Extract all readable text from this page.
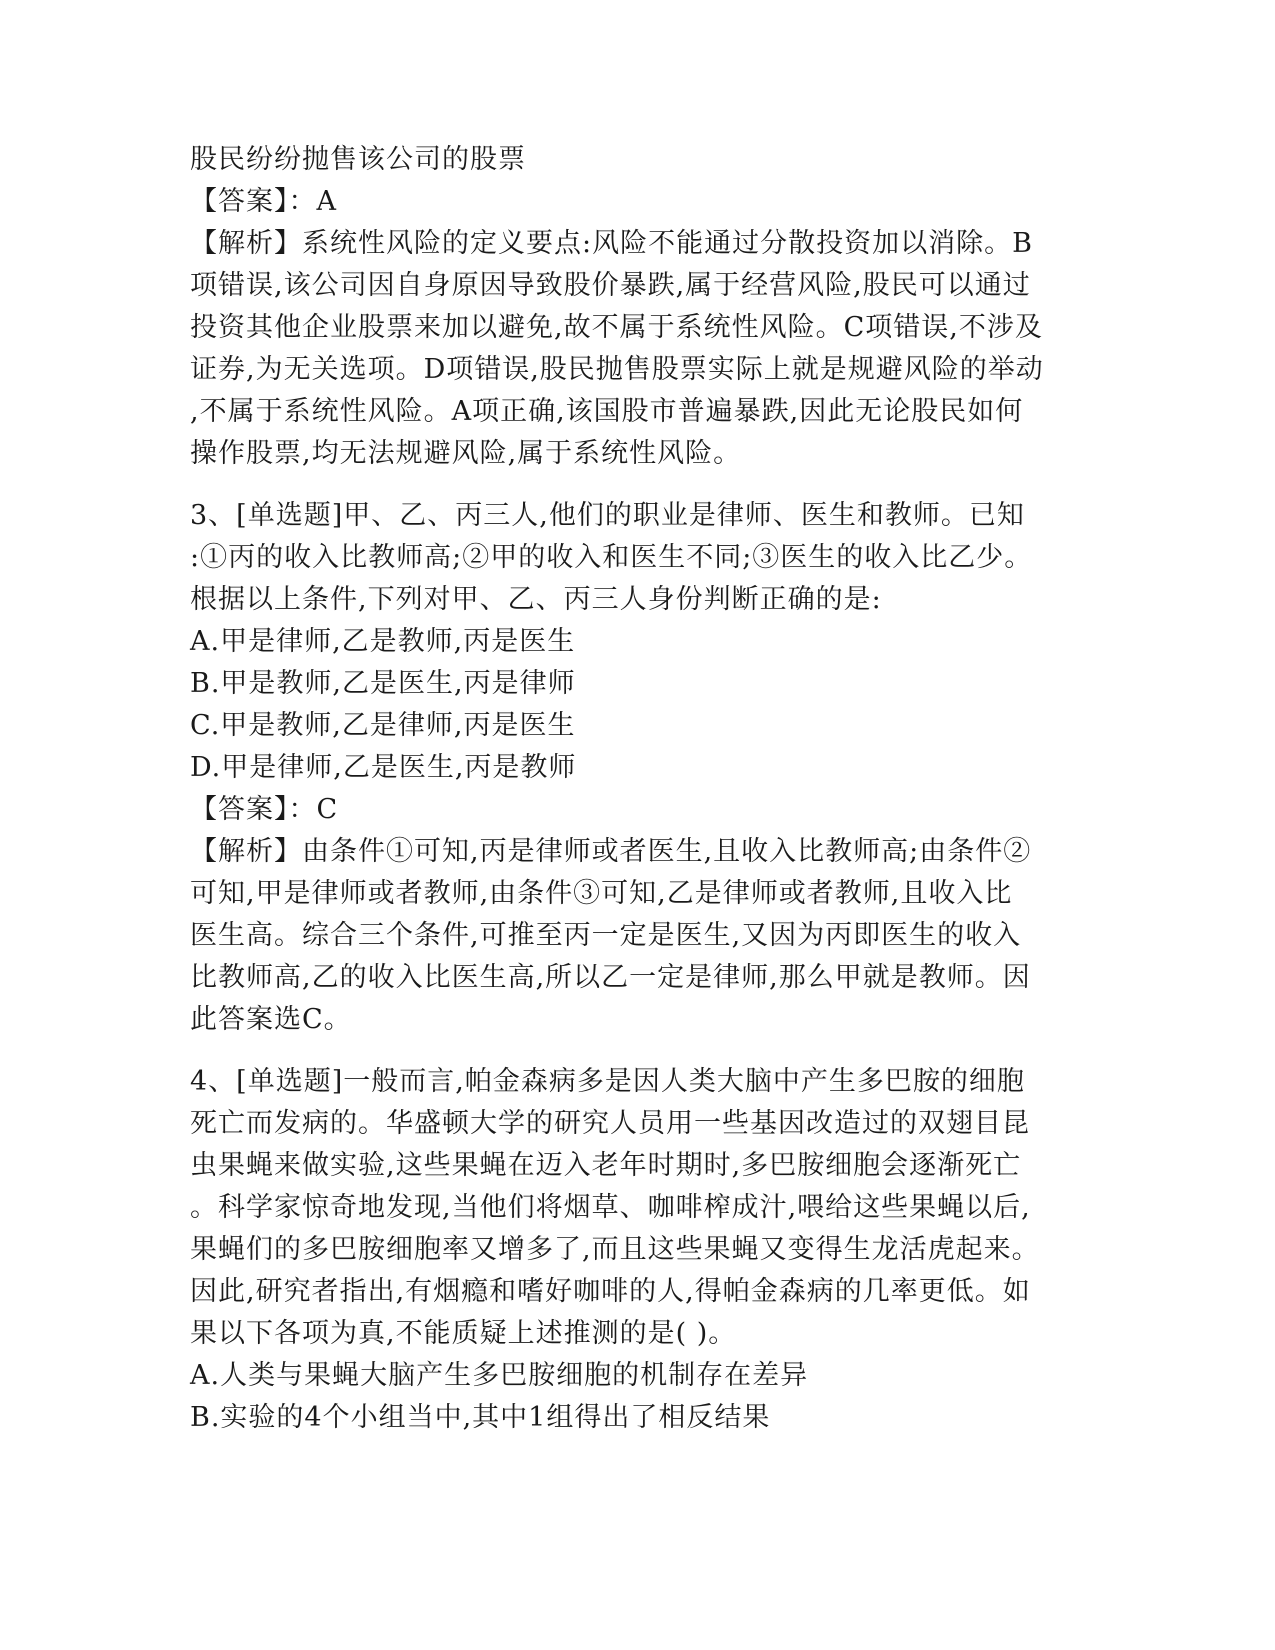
股民纷纷抛售该公司的股票
【答案】：A
【解析】系统性风险的定义要点:风险不能通过分散投资加以消除。B
项错误,该公司因自身原因导致股价暴跌,属于经营风险,股民可以通过
投资其他企业股票来加以避免,故不属于系统性风险。C项错误,不涉及
证券,为无关选项。D项错误,股民抛售股票实际上就是规避风险的举动
,不属于系统性风险。A项正确,该国股市普遍暴跌,因此无论股民如何
操作股票,均无法规避风险,属于系统性风险。
3、[单选题]甲、乙、丙三人,他们的职业是律师、医生和教师。已知
:①丙的收入比教师高;②甲的收入和医生不同;③医生的收入比乙少。
根据以上条件,下列对甲、乙、丙三人身份判断正确的是:
A.甲是律师,乙是教师,丙是医生
B.甲是教师,乙是医生,丙是律师
C.甲是教师,乙是律师,丙是医生
D.甲是律师,乙是医生,丙是教师
【答案】：C
【解析】由条件①可知,丙是律师或者医生,且收入比教师高;由条件②
可知,甲是律师或者教师,由条件③可知,乙是律师或者教师,且收入比
医生高。综合三个条件,可推至丙一定是医生,又因为丙即医生的收入
比教师高,乙的收入比医生高,所以乙一定是律师,那么甲就是教师。因
此答案选C。
4、[单选题]一般而言,帕金森病多是因人类大脑中产生多巴胺的细胞
死亡而发病的。华盛顿大学的研究人员用一些基因改造过的双翅目昆
虫果蝇来做实验,这些果蝇在迈入老年时期时,多巴胺细胞会逐渐死亡
。科学家惊奇地发现,当他们将烟草、咖啡榨成汁,喂给这些果蝇以后,
果蝇们的多巴胺细胞率又增多了,而且这些果蝇又变得生龙活虎起来。
因此,研究者指出,有烟瘾和嗜好咖啡的人,得帕金森病的几率更低。如
果以下各项为真,不能质疑上述推测的是( )。
A.人类与果蝇大脑产生多巴胺细胞的机制存在差异
B.实验的4个小组当中,其中1组得出了相反结果
